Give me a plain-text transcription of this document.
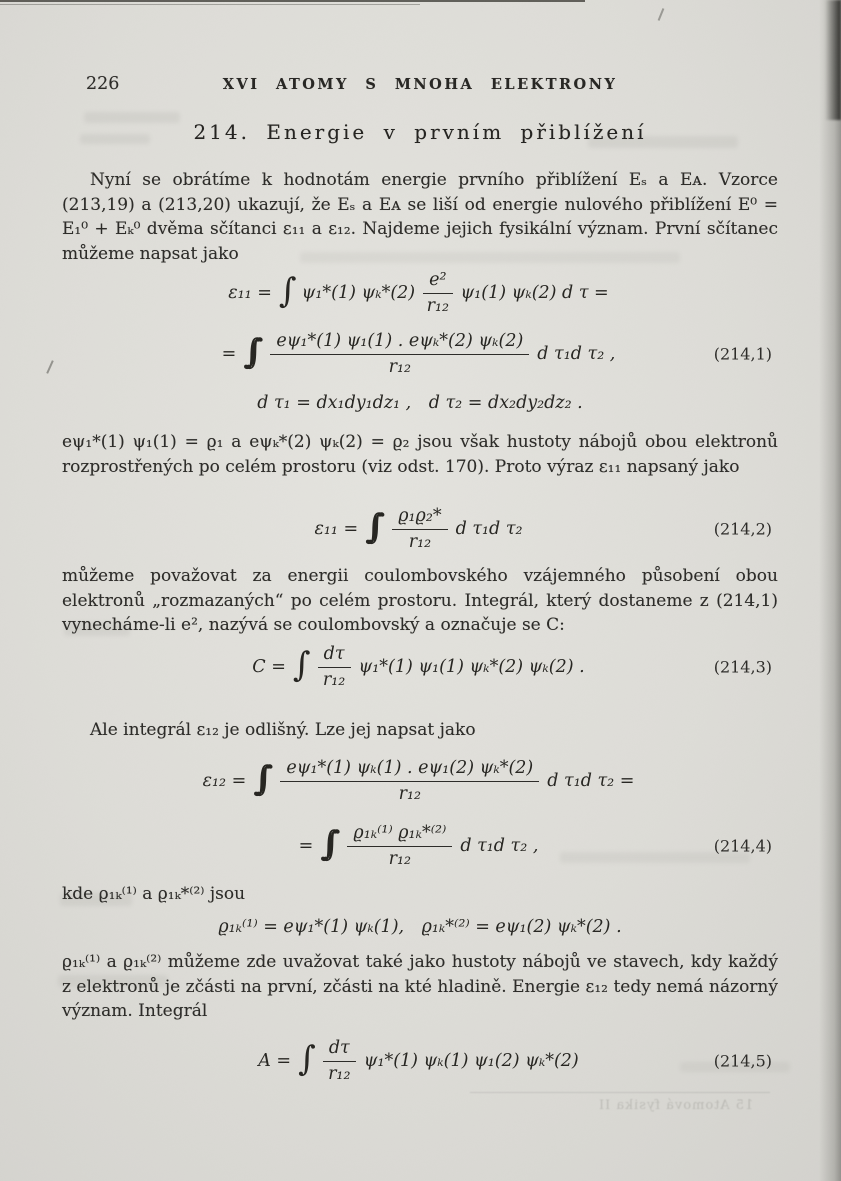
15 Atomová fysika II
226	XVI ATOMY S MNOHA ELEKTRONY
214. Energie v prvním přiblížení

Nyní se obrátíme k hodnotám energie prvního přiblížení Eₛ a Eᴀ. Vzorce (213,19) a (213,20) ukazují, že Eₛ a Eᴀ se liší od energie nulového přiblížení E⁰ = E₁⁰ + Eₖ⁰ dvěma sčítanci ε₁₁ a ε₁₂. Najdeme jejich fysikální význam. První sčítanec můžeme napsat jako

ε₁₁ = ∫ ψ₁*(1) $\psi_k*(2) \frac{\text{e²}}{\text{r₁₂}} \psi_1(1)$ ψₖ(2) d τ =
= ∫∫	$\frac{\text{eψ₁*(1) ψ₁(1) . eψₖ*(2) ψₖ(2)}}{\text{r₁₂}}$ d τ₁d τ₂ ,	(214,1)
d τ₁ = dx₁dy₁dz₁ , d τ₂ = dx₂dy₂dz₂ .

eψ₁*(1) ψ₁(1) = ϱ₁ a eψₖ*(2) ψₖ(2) = ϱ₂ jsou však hustoty nábojů obou elektronů rozprostřených po celém prostoru (viz odst. 170). Proto výraz ε₁₁ napsaný jako

ε₁₁ = ∫∫	$\frac{\text{ϱ₁ϱ₂*}}{\text{r₁₂}}$ d τ₁d τ₂	(214,2)

můžeme považovat za energii coulombovského vzájemného působení obou elektronů „rozmazaných“ po celém prostoru. Integrál, který dostaneme z (214,1) vynecháme-li e², nazývá se coulombovský a označuje se C:

C = ∫ $\frac{d\tau}{\text{r₁₂}} \psi_1*(1)$ ψ₁(1) ψₖ*(2) ψₖ(2) .	(214,3)

Ale integrál ε₁₂ je odlišný. Lze jej napsat jako

ε₁₂ = ∫∫	$\frac{\text{eψ₁*(1) ψₖ(1) . eψ₁(2) ψₖ*(2)}}{\text{r₁₂}}$ d τ₁d τ₂ =
= ∫∫	$\frac{\text{ϱ₁ₖ⁽¹⁾ ϱ₁ₖ*⁽²⁾}}{\text{r₁₂}}$ d τ₁d τ₂ ,	(214,4)

kde ϱ₁ₖ⁽¹⁾ a ϱ₁ₖ*⁽²⁾ jsou

ϱ₁ₖ⁽¹⁾ = eψ₁*(1) ψₖ(1),  ϱ₁ₖ*⁽²⁾ = eψ₁(2) ψₖ*(2) .

ϱ₁ₖ⁽¹⁾ a ϱ₁ₖ⁽²⁾ můžeme zde uvažovat také jako hustoty nábojů ve stavech, kdy každý z elektronů je zčásti na první, zčásti na kté hladině. Energie ε₁₂ tedy nemá názorný význam. Integrál

A = ∫ $\frac{d\tau}{\text{r₁₂}} \psi_1*(1)$ ψₖ(1) ψ₁(2) ψₖ*(2)	(214,5)
